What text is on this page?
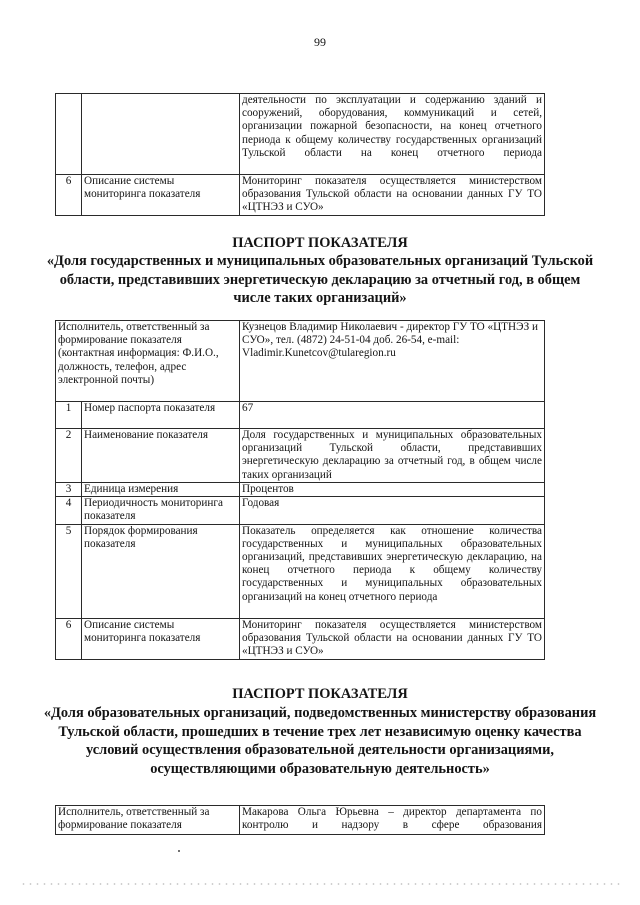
99
		деятельности по эксплуатации и содержанию зданий и сооружений, оборудования, коммуникаций и сетей, организации пожарной безопасности, на конец отчетного периода к общему количеству государственных организаций Тульской области на конец отчетного периода
6	Описание системы мониторинга показателя	Мониторинг показателя осуществляется министерством образования Тульской области на основании данных ГУ ТО «ЦТНЭЗ и СУО»

ПАСПОРТ ПОКАЗАТЕЛЯ

«Доля государственных и муниципальных образовательных организаций Тульской области, представивших энергетическую декларацию за отчетный год, в общем числе таких организаций»

Исполнитель, ответственный за формирование показателя (контактная информация: Ф.И.О., должность, телефон, адрес электронной почты)		Кузнецов Владимир Николаевич - директор ГУ ТО «ЦТНЭЗ и СУО», тел. (4872) 24-51-04 доб. 26-54, e-mail: Vladimir.Kunetcov@tularegion.ru
1	Номер паспорта показателя	67
2	Наименование показателя	Доля государственных и муниципальных образовательных организаций Тульской области, представивших энергетическую декларацию за отчетный год, в общем числе таких организаций
3	Единица измерения	Процентов
4	Периодичность мониторинга показателя	Годовая
5	Порядок формирования показателя	Показатель определяется как отношение количества государственных и муниципальных образовательных организаций, представивших энергетическую декларацию, на конец отчетного периода к общему количеству государственных и муниципальных образовательных организаций на конец отчетного периода
6	Описание системы мониторинга показателя	Мониторинг показателя осуществляется министерством образования Тульской области на основании данных ГУ ТО «ЦТНЭЗ и СУО»

ПАСПОРТ ПОКАЗАТЕЛЯ

«Доля образовательных организаций, подведомственных министерству образования Тульской области, прошедших в течение трех лет независимую оценку качества условий осуществления образовательной деятельности организациями, осуществляющими образовательную деятельность»

Исполнитель, ответственный за формирование показателя	Макарова Ольга Юрьевна – директор департамента по контролю и надзору в сфере образования
